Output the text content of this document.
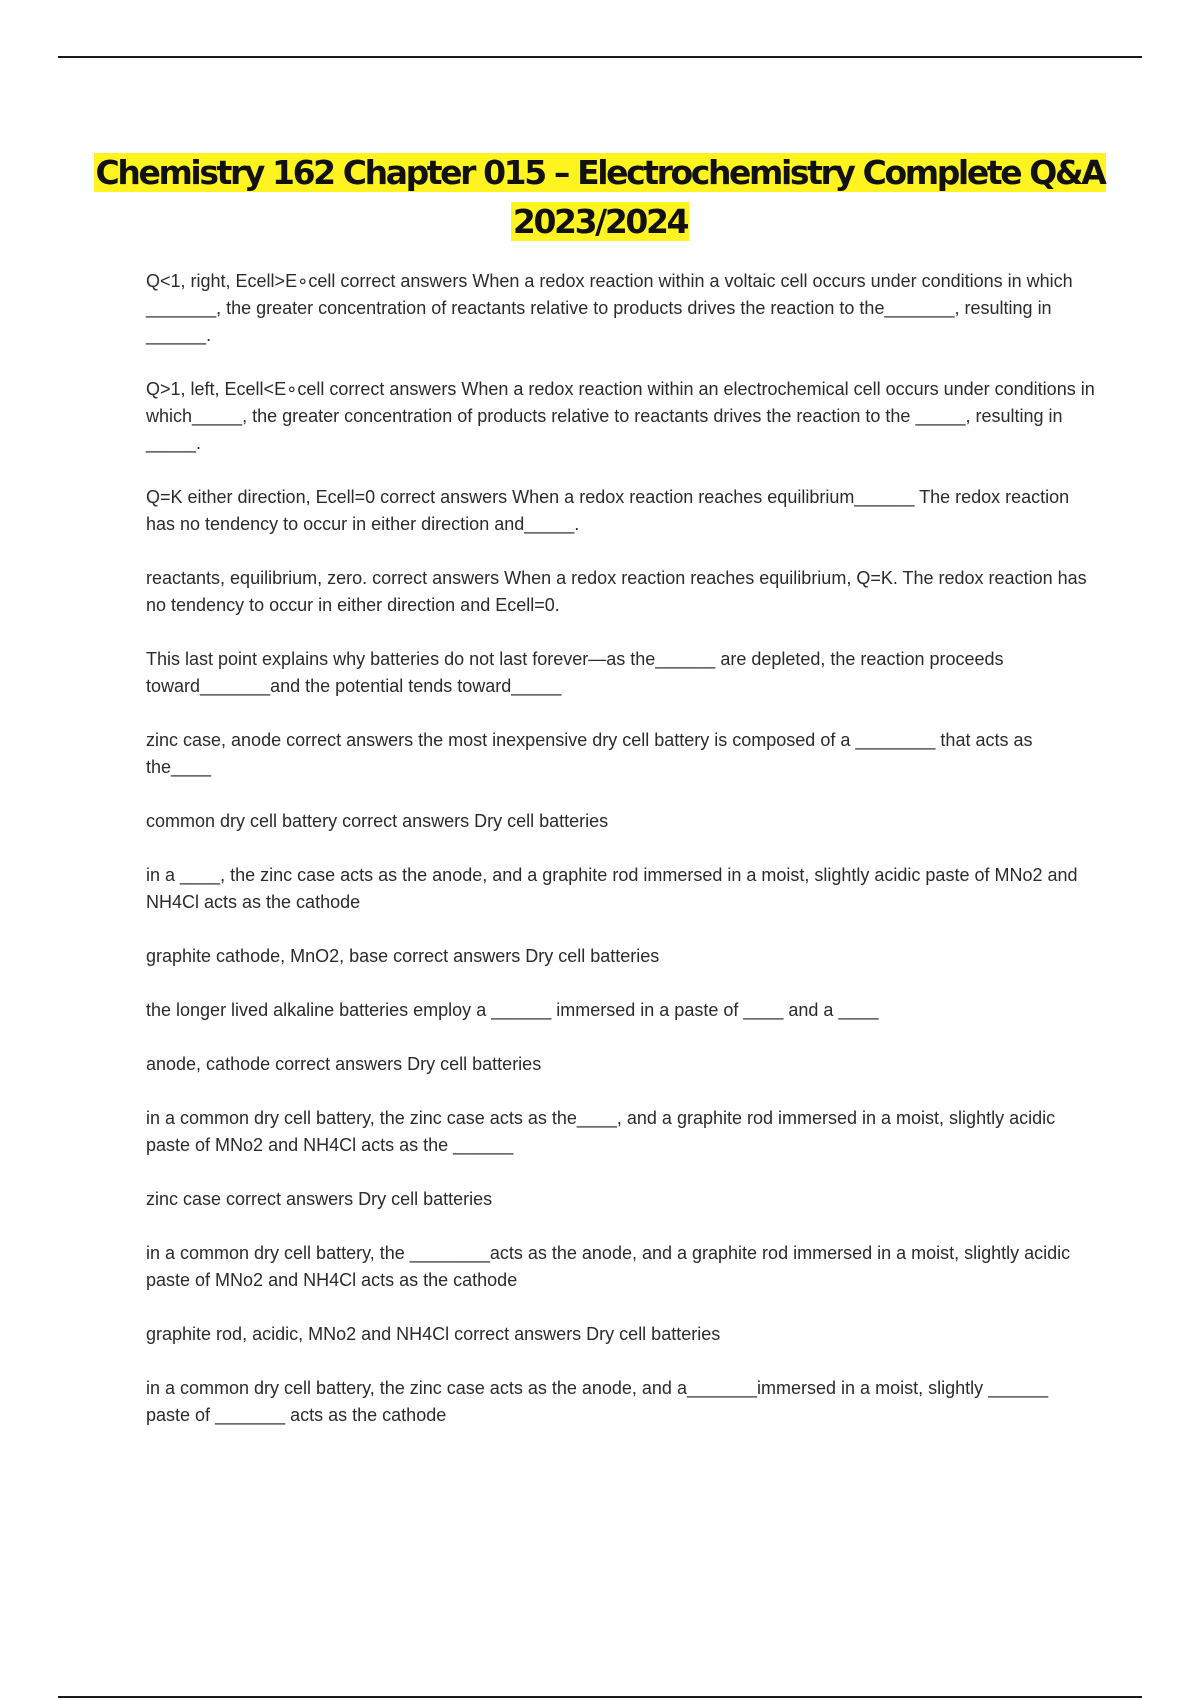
Chemistry 162 Chapter 015 – Electrochemistry Complete Q&A
2023/2024

Q<1, right, Ecell>E∘cell correct answers When a redox reaction within a voltaic cell occurs under conditions in which _______, the greater concentration of reactants relative to products drives the reaction to the_______, resulting in ______.

Q>1, left, Ecell<E∘cell correct answers When a redox reaction within an electrochemical cell occurs under conditions in which_____, the greater concentration of products relative to reactants drives the reaction to the _____, resulting in _____.

Q=K either direction, Ecell=0 correct answers When a redox reaction reaches equilibrium______ The redox reaction has no tendency to occur in either direction and_____.

reactants, equilibrium, zero. correct answers When a redox reaction reaches equilibrium, Q=K. The redox reaction has no tendency to occur in either direction and Ecell=0.

This last point explains why batteries do not last forever—as the______ are depleted, the reaction proceeds toward_______and the potential tends toward_____

zinc case, anode correct answers the most inexpensive dry cell battery is composed of a ________ that acts as the____

common dry cell battery correct answers Dry cell batteries

in a ____, the zinc case acts as the anode, and a graphite rod immersed in a moist, slightly acidic paste of MNo2 and NH4Cl acts as the cathode

graphite cathode, MnO2, base correct answers Dry cell batteries

the longer lived alkaline batteries employ a ______ immersed in a paste of ____ and a ____

anode, cathode correct answers Dry cell batteries

in a common dry cell battery, the zinc case acts as the____, and a graphite rod immersed in a moist, slightly acidic paste of MNo2 and NH4Cl acts as the ______

zinc case correct answers Dry cell batteries

in a common dry cell battery, the ________acts as the anode, and a graphite rod immersed in a moist, slightly acidic paste of MNo2 and NH4Cl acts as the cathode

graphite rod, acidic, MNo2 and NH4Cl correct answers Dry cell batteries

in a common dry cell battery, the zinc case acts as the anode, and a_______immersed in a moist, slightly ______ paste of _______ acts as the cathode
